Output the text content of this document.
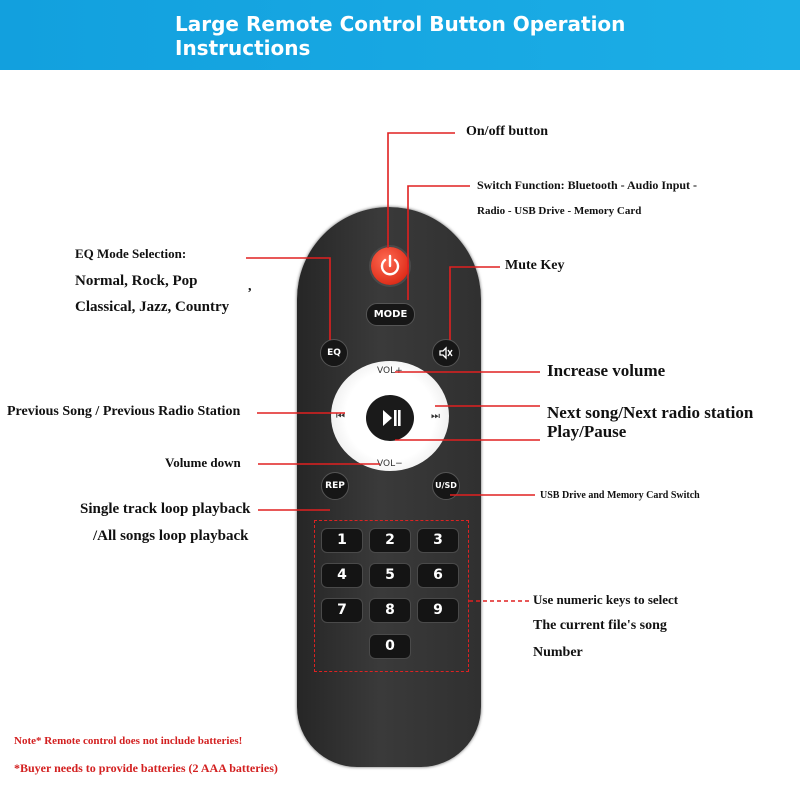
Large Remote Control Button Operation
Instructions
MODE
EQ
VOL+
VOL−
⏮	⏭
REP	U/SD
1	2	3
4	5	6
7	8	9
0
On/off button
Switch Function: Bluetooth - Audio Input -
Radio - USB Drive - Memory Card
Mute Key
EQ Mode Selection:
Normal, Rock, Pop
Classical, Jazz, Country
,
Increase volume
Previous Song / Previous Radio Station	Next song/Next radio station
Play/Pause
Volume down
USB Drive and Memory Card Switch
Single track loop playback
/All songs loop playback
Use numeric keys to select
The current file's song
Number
Note* Remote control does not include batteries!
*Buyer needs to provide batteries (2 AAA batteries)
